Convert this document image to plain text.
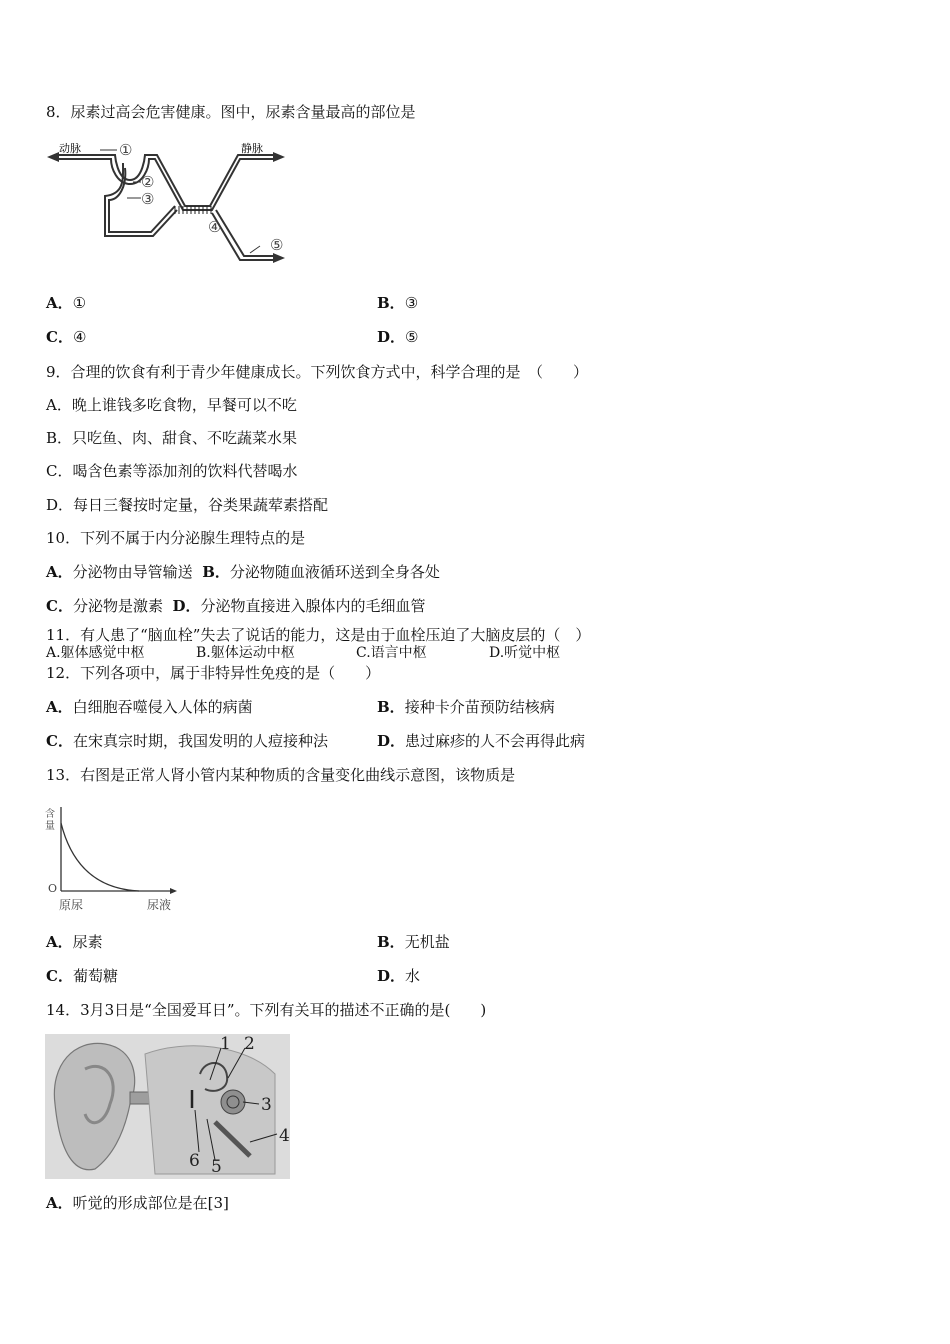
8．尿素过高会危害健康。图中，尿素含量最高的部位是
动脉	静脉
①
②
③
④
⑤
A．①	B．③
C．④	D．⑤
9．合理的饮食有利于青少年健康成长。下列饮食方式中，科学合理的是　（　　）
A．晚上谁钱多吃食物，早餐可以不吃
B．只吃鱼、肉、甜食、不吃蔬菜水果
C．喝含色素等添加剂的饮料代替喝水
D．每日三餐按时定量，谷类果蔬荤素搭配
10．下列不属于内分泌腺生理特点的是
A．分泌物由导管输送 B．分泌物随血液循环送到全身各处
C．分泌物是激素 D．分泌物直接进入腺体内的毛细血管
11．有人患了“脑血栓”失去了说话的能力，这是由于血栓压迫了大脑皮层的（　）
A.躯体感觉中枢	B.躯体运动中枢	C.语言中枢	D.听觉中枢
12．下列各项中，属于非特异性免疫的是（　　）
A．白细胞吞噬侵入人体的病菌	B．接种卡介苗预防结核病
C．在宋真宗时期，我国发明的人痘接种法	D．患过麻疹的人不会再得此病
13．右图是正常人肾小管内某种物质的含量变化曲线示意图，该物质是
含
量
O
原尿	尿液
A．尿素	B．无机盐
C．葡萄糖	D．水
14．3月3日是“全国爱耳日”。下列有关耳的描述不正确的是(　　)
1 2
3
4
5
6
A．听觉的形成部位是在[3]
